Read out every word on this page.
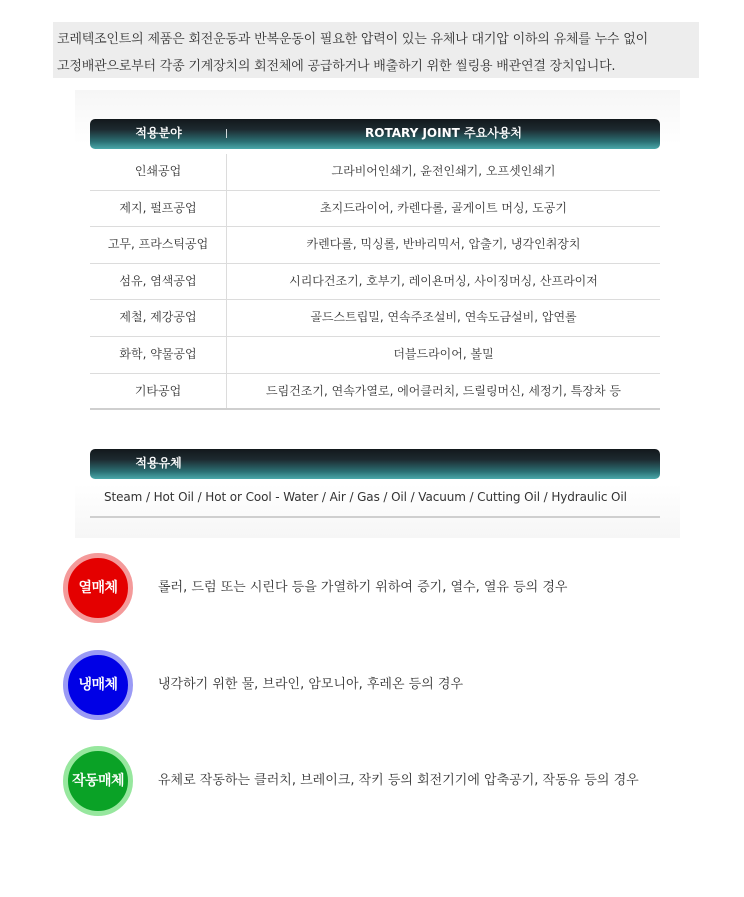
코레텍조인트의 제품은 회전운동과 반복운동이 필요한 압력이 있는 유체나 대기압 이하의 유체를 누수 없이

고정배관으로부터 각종 기계장치의 회전체에 공급하거나 배출하기 위한 씰링용 배관연결 장치입니다.

적용분야	ROTARY JOINT 주요사용처
인쇄공업	그라비어인쇄기, 윤전인쇄기, 오프셋인쇄기
제지, 펄프공업	초지드라이어, 카렌다롤, 골게이트 머싱, 도공기
고무, 프라스틱공업	카렌다롤, 믹싱롤, 반바리믹서, 압출기, 냉각인취장치
섬유, 염색공업	시리다건조기, 호부기, 레이욘머싱, 사이징머싱, 산프라이저
제철, 제강공업	골드스트립밀, 연속주조설비, 연속도금설비, 압연롤
화학, 약물공업	더블드라이어, 볼밀
기타공업	드림건조기, 연속가열로, 에어클러치, 드릴링머신, 세정기, 특장차 등
적용유체
Steam / Hot Oil / Hot or Cool - Water / Air / Gas / Oil / Vacuum / Cutting Oil / Hydraulic Oil
열매체	롤러, 드럼 또는 시린다 등을 가열하기 위하여 증기, 열수, 열유 등의 경우
냉매체	냉각하기 위한 물, 브라인, 암모니아, 후레온 등의 경우
작동매체	유체로 작동하는 클러치, 브레이크, 작키 등의 회전기기에 압축공기, 작동유 등의 경우
